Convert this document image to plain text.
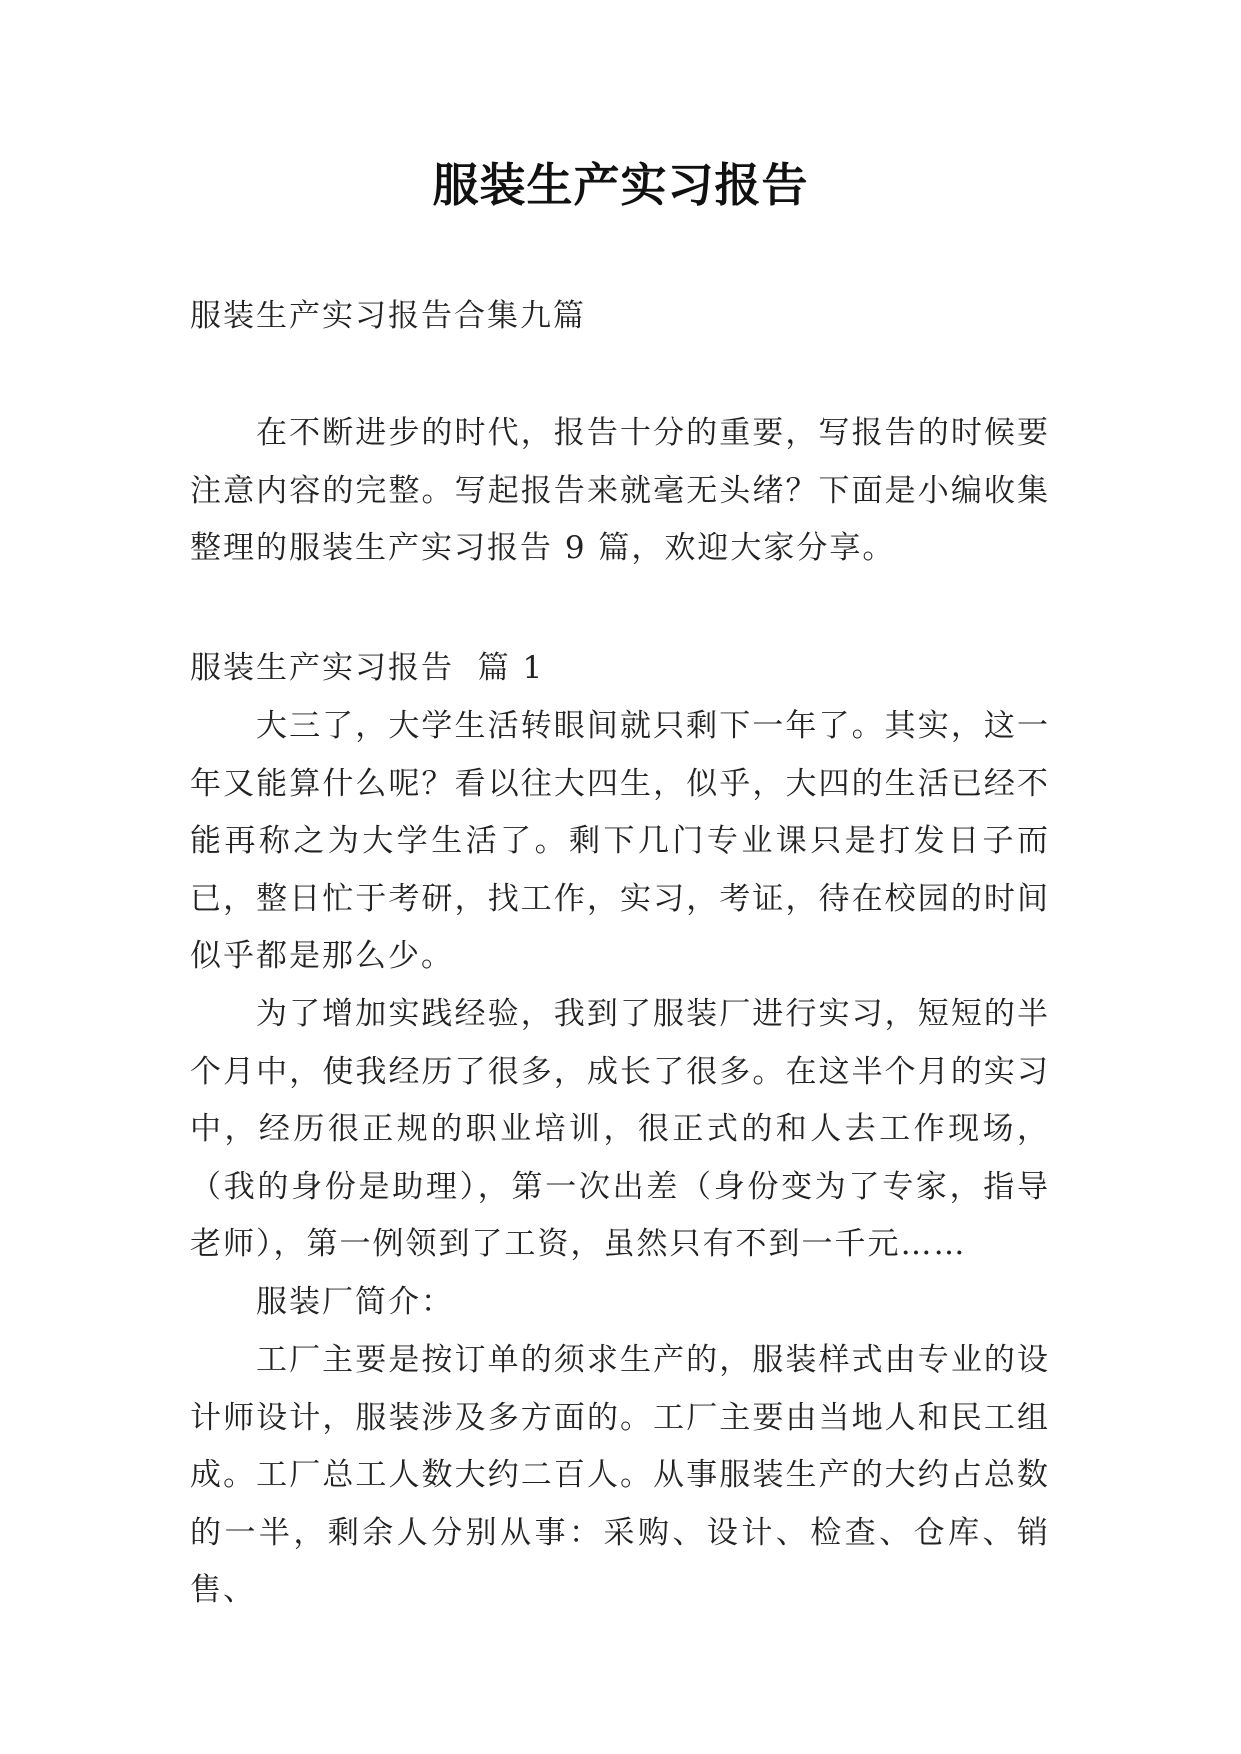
服装生产实习报告
服装生产实习报告合集九篇
在不断进步的时代，报告十分的重要，写报告的时候要注意内容的完整。写起报告来就毫无头绪？下面是小编收集整理的服装生产实习报告 9 篇，欢迎大家分享。
服装生产实习报告  篇 1
大三了，大学生活转眼间就只剩下一年了。其实，这一年又能算什么呢？看以往大四生，似乎，大四的生活已经不能再称之为大学生活了。剩下几门专业课只是打发日子而已，整日忙于考研，找工作，实习，考证，待在校园的时间似乎都是那么少。
为了增加实践经验，我到了服装厂进行实习，短短的半个月中，使我经历了很多，成长了很多。在这半个月的实习中，经历很正规的职业培训，很正式的和人去工作现场，（我的身份是助理），第一次出差（身份变为了专家，指导老师），第一例领到了工资，虽然只有不到一千元……
服装厂简介：
工厂主要是按订单的须求生产的，服装样式由专业的设计师设计，服装涉及多方面的。工厂主要由当地人和民工组成。工厂总工人数大约二百人。从事服装生产的大约占总数的一半，剩余人分别从事：采购、设计、检查、仓库、销售、
